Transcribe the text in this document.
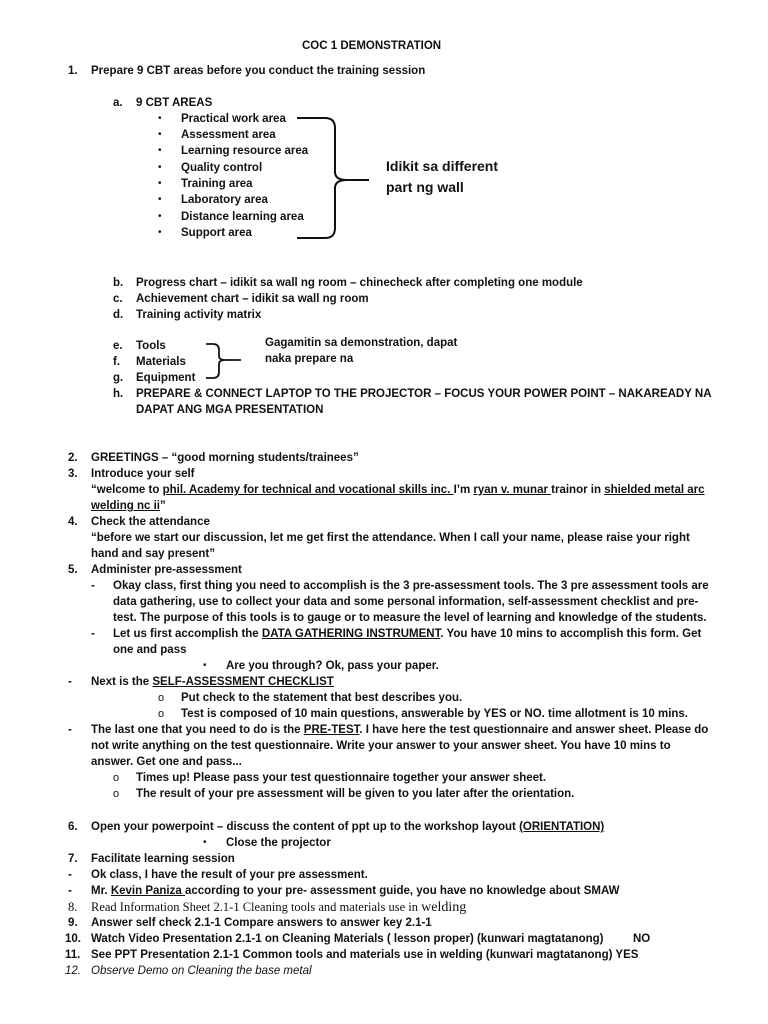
COC 1 DEMONSTRATION
1. Prepare 9 CBT areas before you conduct the training session
a. 9 CBT AREAS
• Practical work area
• Assessment area
• Learning resource area
• Quality control
• Training area
• Laboratory area
• Distance learning area
• Support area
Idikit sa different
part ng wall
b. Progress chart – idikit sa wall ng room – chinecheck after completing one module
c. Achievement chart – idikit sa wall ng room
d. Training activity matrix
Gagamitin sa demonstration, dapat
naka prepare na
e. Tools
f. Materials
g. Equipment
h. PREPARE & CONNECT LAPTOP TO THE PROJECTOR – FOCUS YOUR POWER POINT – NAKAREADY NA
DAPAT ANG MGA PRESENTATION
2. GREETINGS – “good morning students/trainees”
3. Introduce your self
“welcome to phil. Academy for technical and vocational skills inc. I’m ryan v. munar trainor in shielded metal arc
welding nc ii”
4. Check the attendance
“before we start our discussion, let me get first the attendance. When I call your name, please raise your right
hand and say present”
5. Administer pre-assessment
- Okay class, first thing you need to accomplish is the 3 pre-assessment tools. The 3 pre assessment tools are
data gathering, use to collect your data and some personal information, self-assessment checklist and pre-
test. The purpose of this tools is to gauge or to measure the level of learning and knowledge of the students.
- Let us first accomplish the DATA GATHERING INSTRUMENT. You have 10 mins to accomplish this form. Get
one and pass
• Are you through? Ok, pass your paper.
- Next is the SELF-ASSESSMENT CHECKLIST
o Put check to the statement that best describes you.
o Test is composed of 10 main questions, answerable by YES or NO. time allotment is 10 mins.
- The last one that you need to do is the PRE-TEST. I have here the test questionnaire and answer sheet. Please do
not write anything on the test questionnaire. Write your answer to your answer sheet. You have 10 mins to
answer. Get one and pass...
o Times up! Please pass your test questionnaire together your answer sheet.
o The result of your pre assessment will be given to you later after the orientation.
6. Open your powerpoint – discuss the content of ppt up to the workshop layout (ORIENTATION)
• Close the projector
7. Facilitate learning session
- Ok class, I have the result of your pre assessment.
- Mr. Kevin Paniza according to your pre- assessment guide, you have no knowledge about SMAW
8. Read Information Sheet 2.1-1 Cleaning tools and materials use in welding
9. Answer self check 2.1-1 Compare answers to answer key 2.1-1
10. Watch Video Presentation 2.1-1 on Cleaning Materials ( lesson proper) (kunwari magtatanong)	NO
11. See PPT Presentation 2.1-1 Common tools and materials use in welding (kunwari magtatanong) YES
12. Observe Demo on Cleaning the base metal
